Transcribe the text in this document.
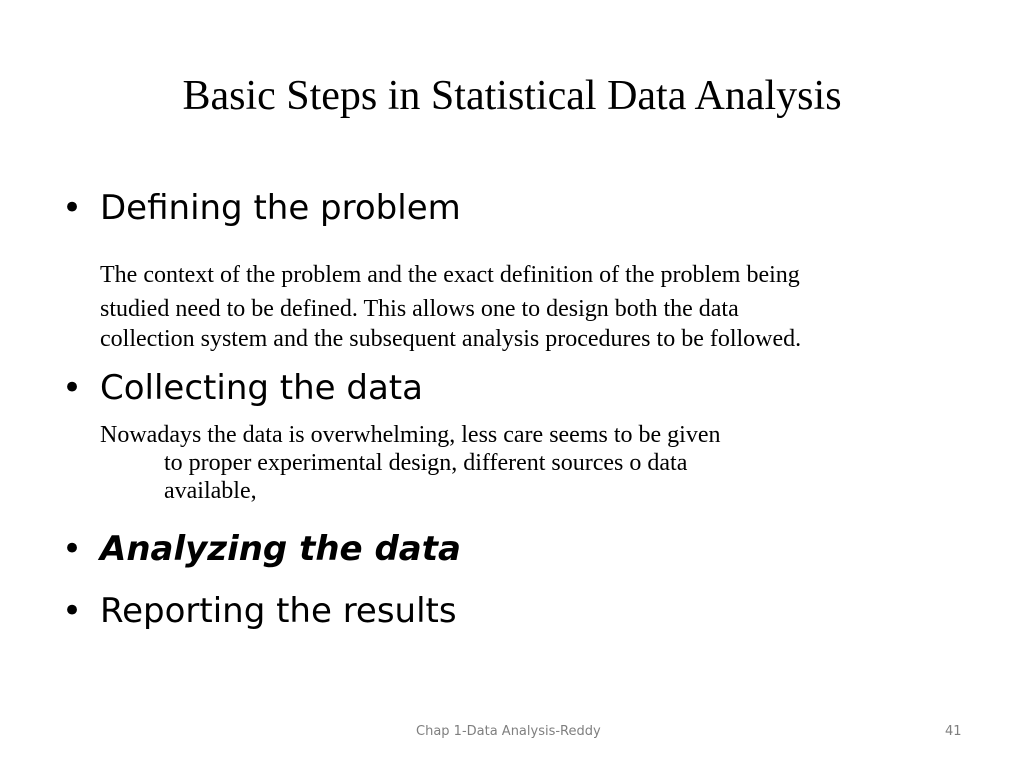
Basic Steps in Statistical Data Analysis
• Defining the problem
The context of the problem and the exact definition of the problem being
studied need to be defined. This allows one to design both the data
collection system and the subsequent analysis procedures to be followed.
• Collecting the data
Nowadays the data is overwhelming, less care seems to be given
to proper experimental design, different sources o data
available,
• Analyzing the data
• Reporting the results
Chap 1-Data Analysis-Reddy	41
